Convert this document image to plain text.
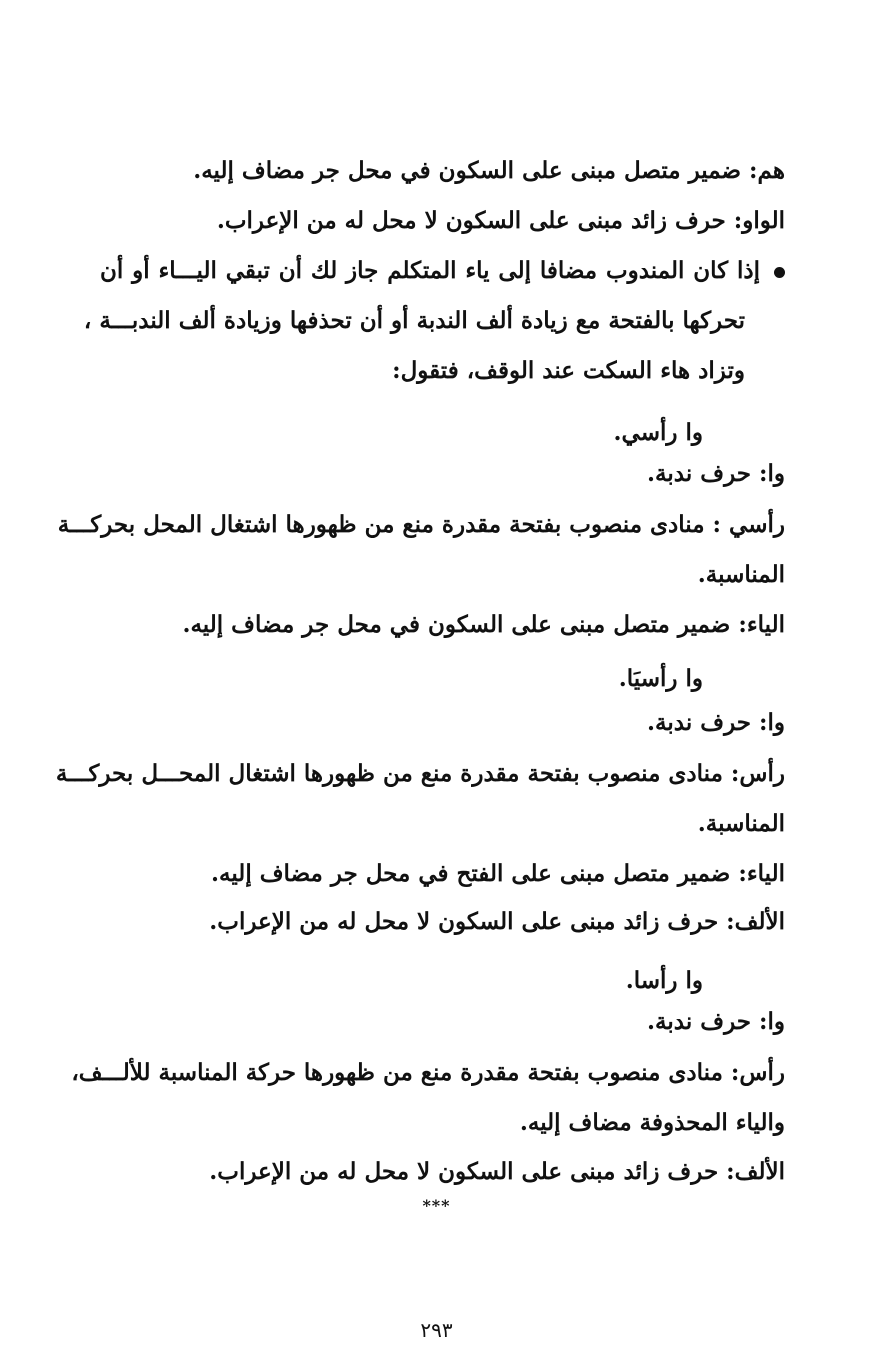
هم: ضمير متصل مبنى على السكون في محل جر مضاف إليه.
الواو: حرف زائد مبنى على السكون لا محل له من الإعراب.
إذا كان المندوب مضافا إلى ياء المتكلم جاز لك أن تبقي اليـــاء أو أن
تحركها بالفتحة مع زيادة ألف الندبة أو أن تحذفها وزيادة ألف الندبـــة ،
وتزاد هاء السكت عند الوقف، فتقول:
وا رأسي.
وا: حرف ندبة.
رأسي : منادى منصوب بفتحة مقدرة منع من ظهورها اشتغال المحل بحركـــة
المناسبة.
الياء: ضمير متصل مبنى على السكون في محل جر مضاف إليه.
وا رأسيَا.
وا: حرف ندبة.
رأس: منادى منصوب بفتحة مقدرة منع من ظهورها اشتغال المحـــل بحركـــة
المناسبة.
الياء: ضمير متصل مبنى على الفتح في محل جر مضاف إليه.
الألف: حرف زائد مبنى على السكون لا محل له من الإعراب.
وا رأسا.
وا: حرف ندبة.
رأس: منادى منصوب بفتحة مقدرة منع من ظهورها حركة المناسبة للألـــف،
والياء المحذوفة مضاف إليه.
الألف: حرف زائد مبنى على السكون لا محل له من الإعراب.
***
٢٩٣
